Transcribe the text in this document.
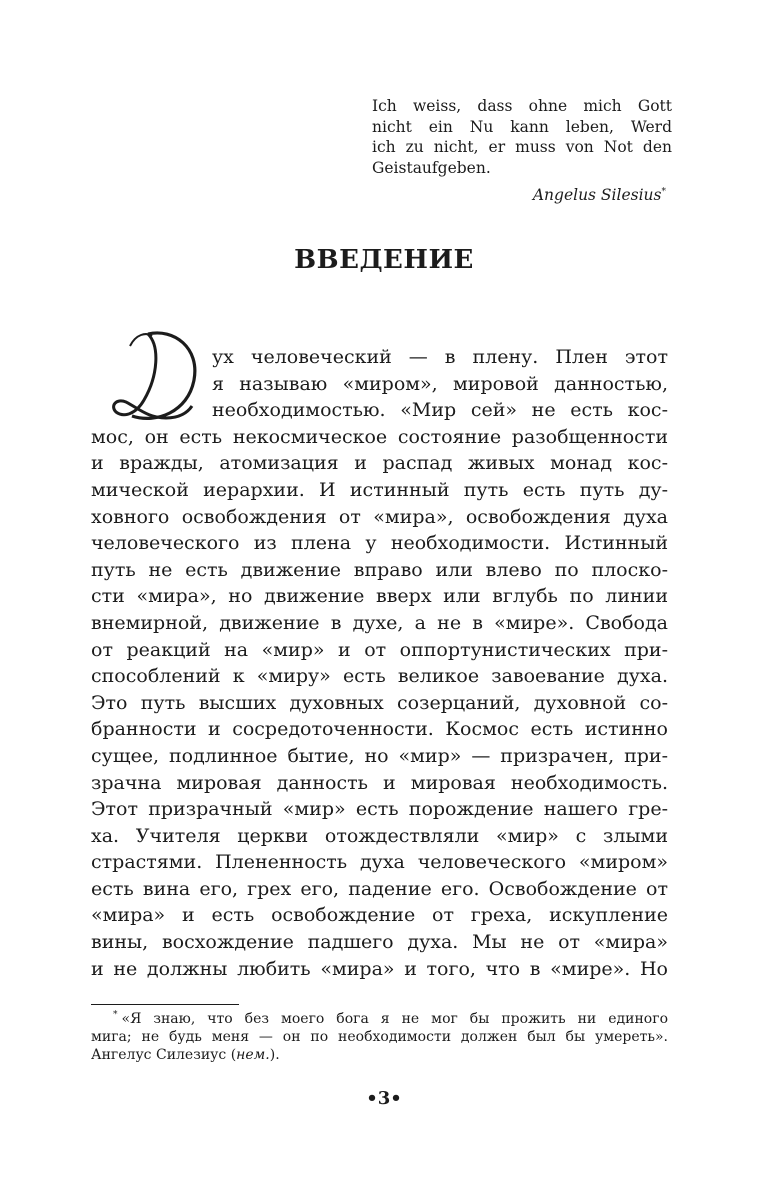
Ich weiss, dass ohne mich Gott
nicht ein Nu kann leben, Werd
ich zu nicht, er muss von Not den
Geistaufgeben.
Angelus Silesius*
ВВЕДЕНИЕ
Д
ух человеческий — в плену. Плен этот
я называю «миром», мировой данностью,
необходимостью. «Мир сей» не есть кос-
мос, он есть некосмическое состояние разобщенности
и вражды, атомизация и распад живых монад кос-
мической иерархии. И истинный путь есть путь ду-
ховного освобождения от «мира», освобождения духа
человеческого из плена у необходимости. Истинный
путь не есть движение вправо или влево по плоско-
сти «мира», но движение вверх или вглубь по линии
внемирной, движение в духе, а не в «мире». Свобода
от реакций на «мир» и от оппортунистических при-
способлений к «миру» есть великое завоевание духа.
Это путь высших духовных созерцаний, духовной со-
бранности и сосредоточенности. Космос есть истинно
сущее, подлинное бытие, но «мир» — призрачен, при-
зрачна мировая данность и мировая необходимость.
Этот призрачный «мир» есть порождение нашего гре-
ха. Учителя церкви отождествляли «мир» с злыми
страстями. Плененность духа человеческого «миром»
есть вина его, грех его, падение его. Освобождение от
«мира» и есть освобождение от греха, искупление
вины, восхождение падшего духа. Мы не от «мира»
и не должны любить «мира» и того, что в «мире». Но
* «Я знаю, что без моего бога я не мог бы прожить ни единого
мига; не будь меня — он по необходимости должен был бы умереть».
Ангелус Силезиус (нем.).
•3•
